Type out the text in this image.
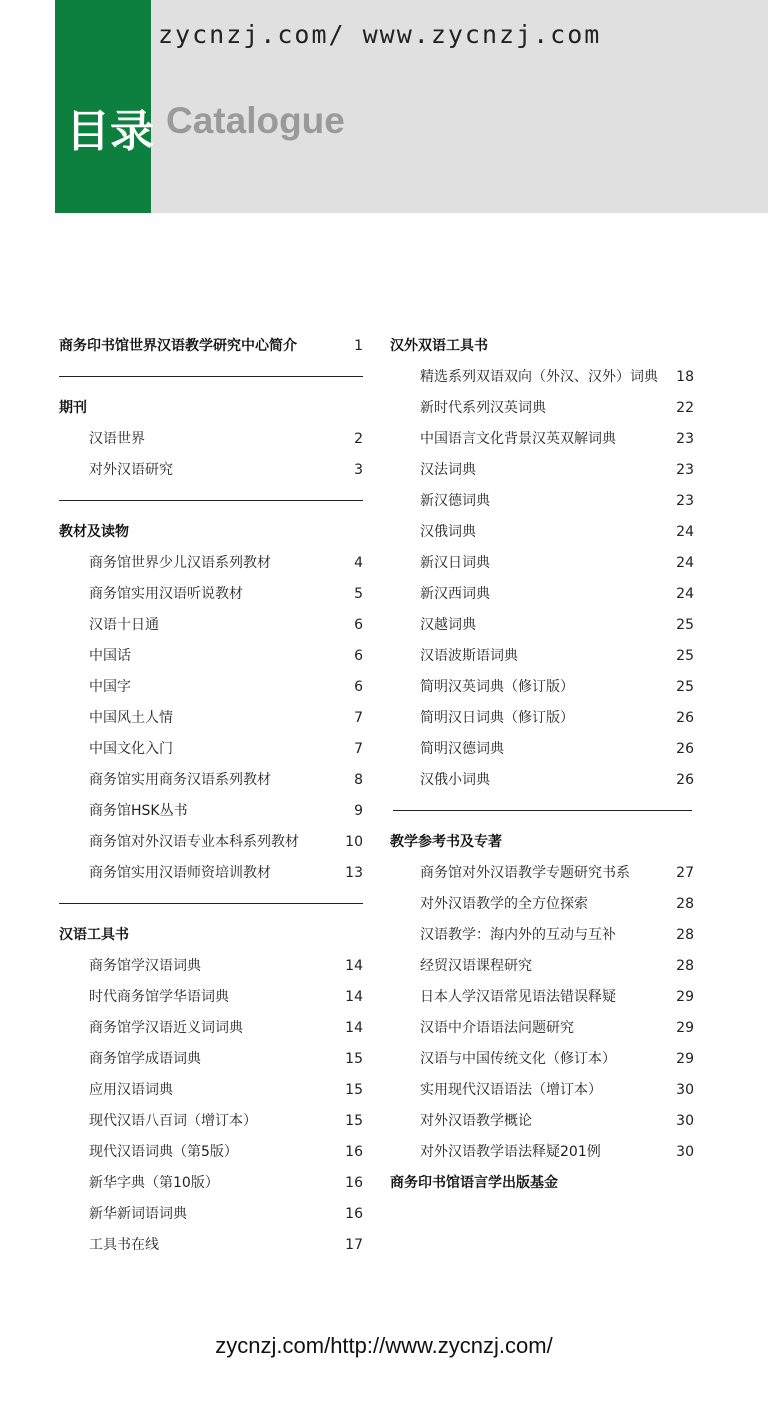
zycnzj.com/ www.zycnzj.com
目录 Catalogue
商务印书馆世界汉语教学研究中心简介	1
期刊
汉语世界	2
对外汉语研究	3
教材及读物
商务馆世界少儿汉语系列教材	4
商务馆实用汉语听说教材	5
汉语十日通	6
中国话	6
中国字	6
中国风土人情	7
中国文化入门	7
商务馆实用商务汉语系列教材	8
商务馆HSK丛书	9
商务馆对外汉语专业本科系列教材	10
商务馆实用汉语师资培训教材	13
汉语工具书
商务馆学汉语词典	14
时代商务馆学华语词典	14
商务馆学汉语近义词词典	14
商务馆学成语词典	15
应用汉语词典	15
现代汉语八百词（增订本）	15
现代汉语词典（第5版）	16
新华字典（第10版）	16
新华新词语词典	16
工具书在线	17
汉外双语工具书
精选系列双语双向（外汉、汉外）词典 18
新时代系列汉英词典	22
中国语言文化背景汉英双解词典	23
汉法词典	23
新汉德词典	23
汉俄词典	24
新汉日词典	24
新汉西词典	24
汉越词典	25
汉语波斯语词典	25
简明汉英词典（修订版）	25
简明汉日词典（修订版）	26
简明汉德词典	26
汉俄小词典	26
教学参考书及专著
商务馆对外汉语教学专题研究书系	27
对外汉语教学的全方位探索	28
汉语教学：海内外的互动与互补	28
经贸汉语课程研究	28
日本人学汉语常见语法错误释疑	29
汉语中介语语法问题研究	29
汉语与中国传统文化（修订本）	29
实用现代汉语语法（增订本）	30
对外汉语教学概论	30
对外汉语教学语法释疑201例	30
商务印书馆语言学出版基金
zycnzj.com/http://www.zycnzj.com/
